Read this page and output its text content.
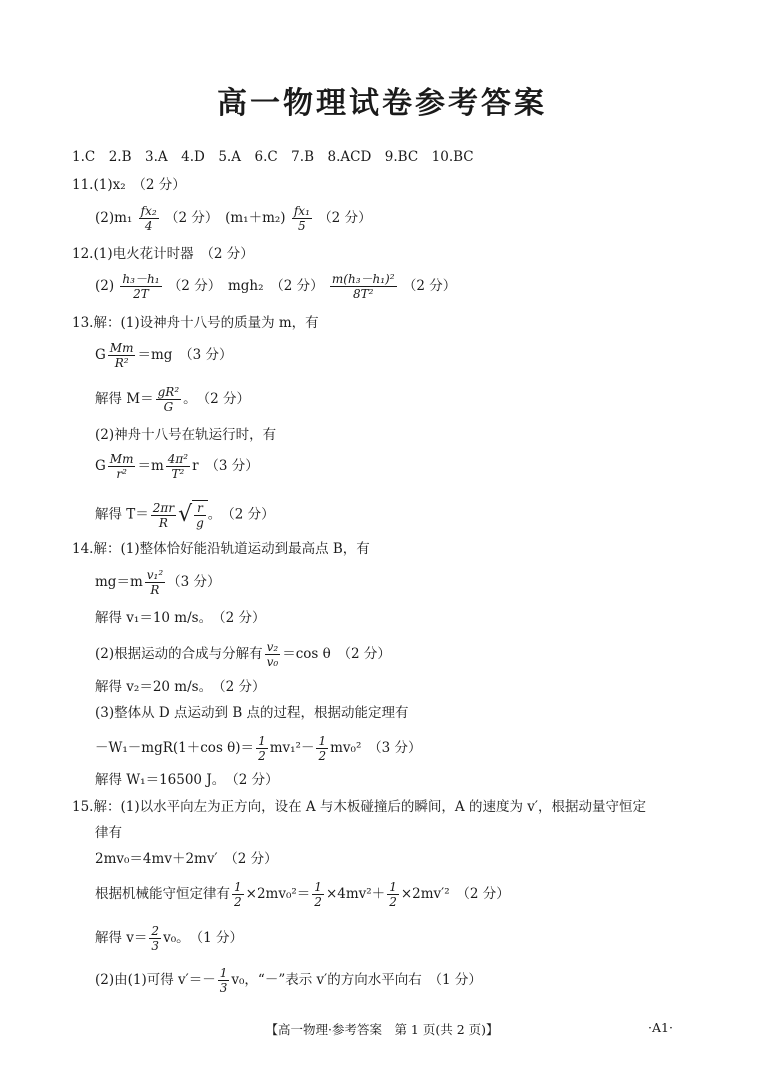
高一物理试卷参考答案
1.C　2.B　3.A　4.D　5.A　6.C　7.B　8.ACD　9.BC　10.BC
11.(1)x₂　（2 分）
$(2)m_1 \frac{\text{fx₂}}{4} (2$ 分）　$(m_1+m_2) \frac{\text{fx₁}}{5} (2$ 分）
12.(1)电火花计时器　（2 分）
$(2) \frac{\text{h₃－h₁}}{2T} (2$ 分）　mgh₂　（2 分） $\frac{\text{m(h₃－h₁)²}}{\text{8T²}} (2$ 分）
13.解：(1)设神舟十八号的质量为 m，有
G $\frac{Mm}{\text{R²}} =mg$　（3 分）
解得 $M= \frac{\text{gR²}}{G}$ 。　（2 分）
(2)神舟十八号在轨运行时，有
G $\frac{Mm}{\text{r²}} =m \frac{\text{4π²}}{\text{T²}}$ r　（3 分）
解得 $T= \frac{2\pi r}{R}$ √ $\frac{r}{g}$ 。　（2 分）
14.解：(1)整体恰好能沿轨道运动到最高点 B，有
$mg=m \frac{\text{v₁²}}{R} (3$ 分）
解得 v₁＝10 m/s。　（2 分）
(2)根据运动的合成与分解有 $\frac{\text{v₂}}{\text{v₀}} =\cos$ θ　（2 分）
解得 v₂＝20 m/s。　（2 分）
(3)整体从 D 点运动到 B 点的过程，根据动能定理有
－W₁－mgR(1＋cos $\theta)= \frac{1}{2} mv_1^2- \frac{1}{2} mv_0^2$　（3 分）
解得 W₁＝16500 J。　（2 分）
15.解：(1)以水平向左为正方向，设在 A 与木板碰撞后的瞬间，A 的速度为 v′，根据动量守恒定
律有
2mv₀＝4mv＋2mv′　（2 分）
根据机械能守恒定律有 $\frac{1}{2} \times 2mv_0^2= \frac{1}{2} \times 4mv^2+ \frac{1}{2} \times 2mv'^2$　（2 分）
解得 $v= \frac{2}{3} v_0$。　（1 分）
(2)由(1)可得 $v'=- \frac{1}{3} v_0$，“－”表示 v′的方向水平向右　（1 分）
【高一物理·参考答案　第 1 页(共 2 页)】	·A1·
